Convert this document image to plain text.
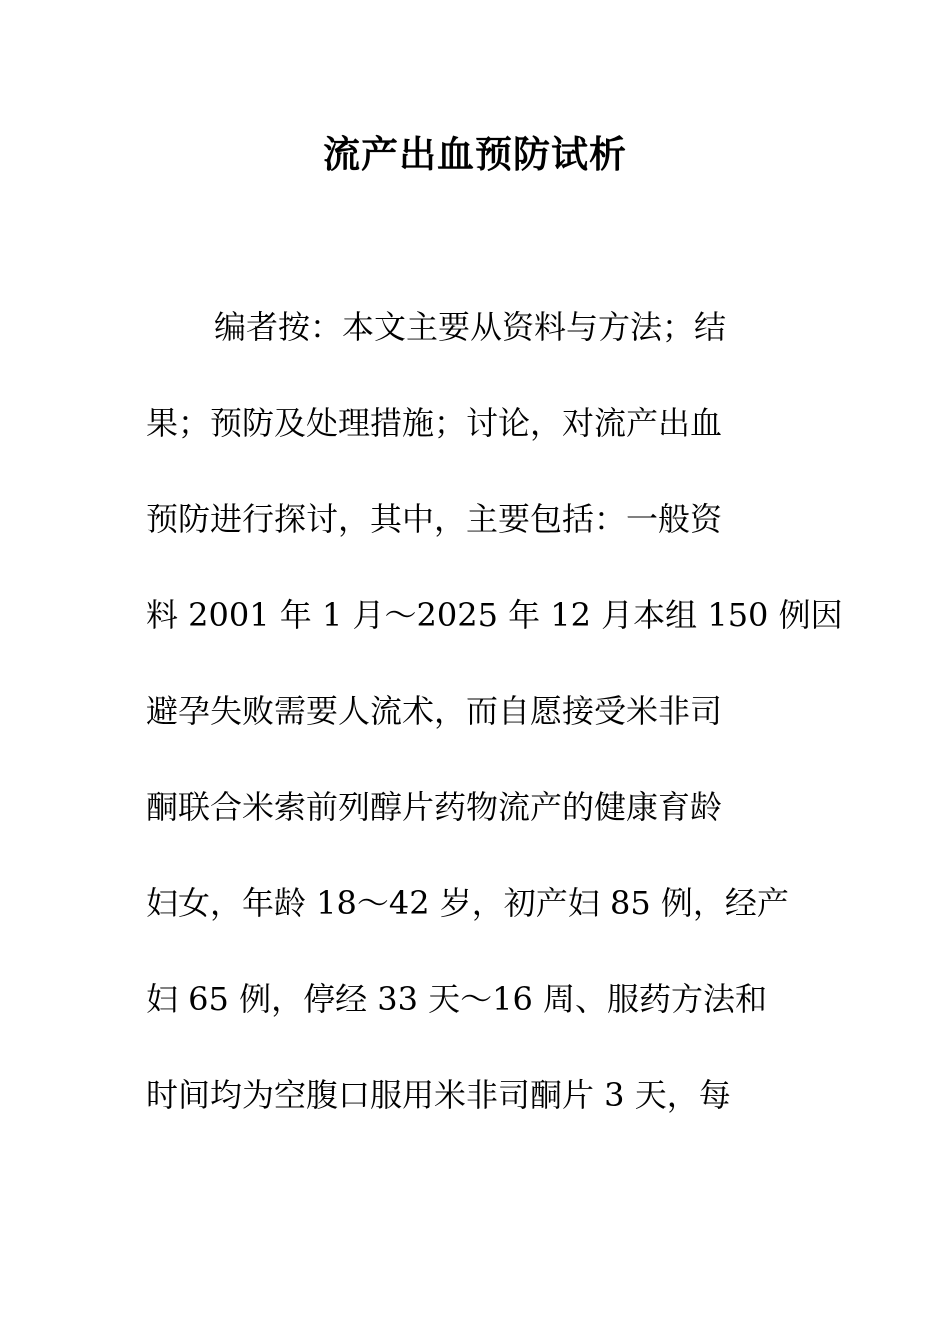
流产出血预防试析
编者按：本文主要从资料与方法；结
果；预防及处理措施；讨论，对流产出血
预防进行探讨，其中，主要包括：一般资
料 2001 年 1 月～2025 年 12 月本组 150 例因
避孕失败需要人流术，而自愿接受米非司
酮联合米索前列醇片药物流产的健康育龄
妇女，年龄 18～42 岁，初产妇 85 例，经产
妇 65 例，停经 33 天～16 周、服药方法和
时间均为空腹口服用米非司酮片 3 天，每
